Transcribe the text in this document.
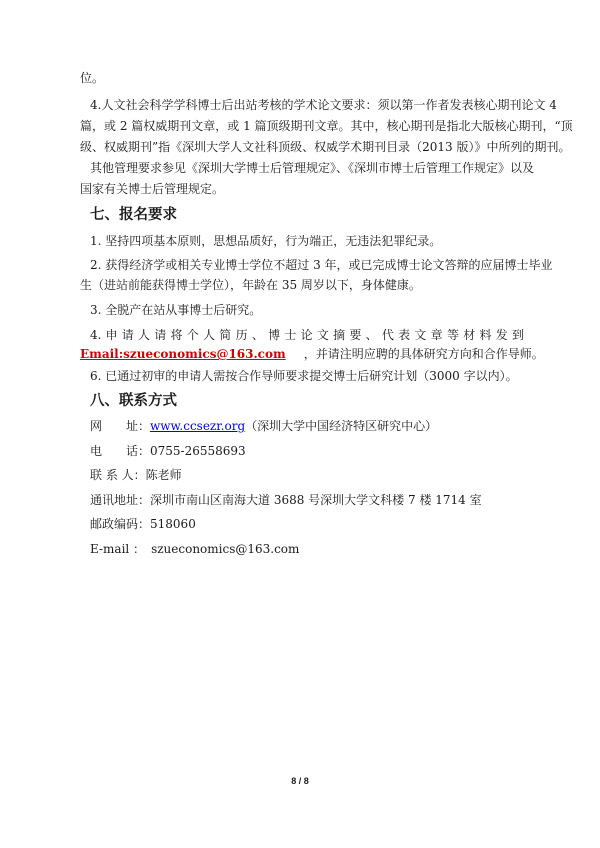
位。
4.人文社会科学学科博士后出站考核的学术论文要求：须以第一作者发表核心期刊论文 4
篇，或 2 篇权威期刊文章，或 1 篇顶级期刊文章。其中，核心期刊是指北大版核心期刊，“顶
级、权威期刊”指《深圳大学人文社科顶级、权威学术期刊目录（2013 版）》中所列的期刊。
其他管理要求参见《深圳大学博士后管理规定》、《深圳市博士后管理工作规定》以及
国家有关博士后管理规定。
七、报名要求
1. 坚持四项基本原则，思想品质好，行为端正，无违法犯罪纪录。
2. 获得经济学或相关专业博士学位不超过 3 年，或已完成博士论文答辩的应届博士毕业
生（进站前能获得博士学位），年龄在 35 周岁以下，身体健康。
3. 全脱产在站从事博士后研究。
4. 申 请 人 请 将 个 人 简 历 、 博 士 论 文 摘 要 、 代 表 文 章 等 材 料 发 到
Email:szueconomics@163.com ，并请注明应聘的具体研究方向和合作导师。
6. 已通过初审的申请人需按合作导师要求提交博士后研究计划（3000 字以内）。
八、联系方式
网　　址：www.ccsezr.org（深圳大学中国经济特区研究中心）
电　　话：0755-26558693
联 系 人：陈老师
通讯地址：深圳市南山区南海大道 3688 号深圳大学文科楼 7 楼 1714 室
邮政编码：518060
E-mail ： szueconomics@163.com
8 / 8
